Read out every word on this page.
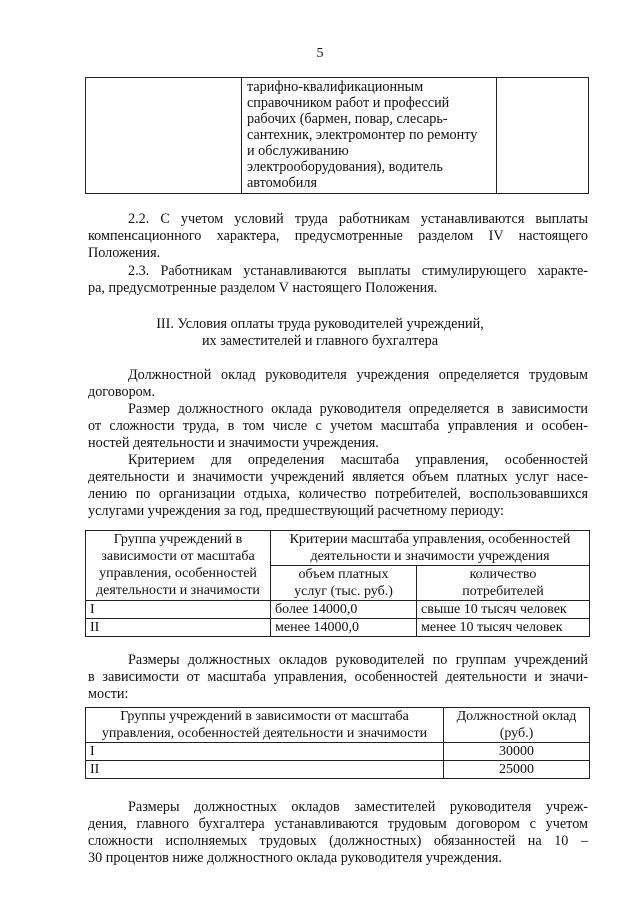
5
тарифно-квалификационным
справочником работ и профессий
рабочих (бармен, повар, слесарь-
сантехник, электромонтер по ремонту
и обслуживанию
электрооборудования), водитель
автомобиля
2.2. С учетом условий труда работникам устанавливаются выплаты
компенсационного характера, предусмотренные разделом IV настоящего
Положения.
2.3. Работникам устанавливаются выплаты стимулирующего характе-
ра, предусмотренные разделом V настоящего Положения.
III. Условия оплаты труда руководителей учреждений,
их заместителей и главного бухгалтера
Должностной оклад руководителя учреждения определяется трудовым
договором.
Размер должностного оклада руководителя определяется в зависимости
от сложности труда, в том числе с учетом масштаба управления и особен-
ностей деятельности и значимости учреждения.
Критерием для определения масштаба управления, особенностей
деятельности и значимости учреждений является объем платных услуг насе-
лению по организации отдыха, количество потребителей, воспользовавшихся
услугами учреждения за год, предшествующий расчетному периоду:
Группа учреждений в
зависимости от масштаба
управления, особенностей
деятельности и значимости	Критерии масштаба управления, особенностей
деятельности и значимости учреждения	

	объем платных
услуг (тыс. руб.)	количество
потребителей

I	более 14000,0	свыше 10 тысяч человек
II	менее 14000,0	менее 10 тысяч человек
Размеры должностных окладов руководителей по группам учреждений
в зависимости от масштаба управления, особенностей деятельности и значи-
мости:
Группы учреждений в зависимости от масштаба
управления, особенностей деятельности и значимости	Должностной оклад
(руб.)

I	30000
II	25000
Размеры должностных окладов заместителей руководителя учреж-
дения, главного бухгалтера устанавливаются трудовым договором с учетом
сложности исполняемых трудовых (должностных) обязанностей на 10 –
30 процентов ниже должностного оклада руководителя учреждения.
